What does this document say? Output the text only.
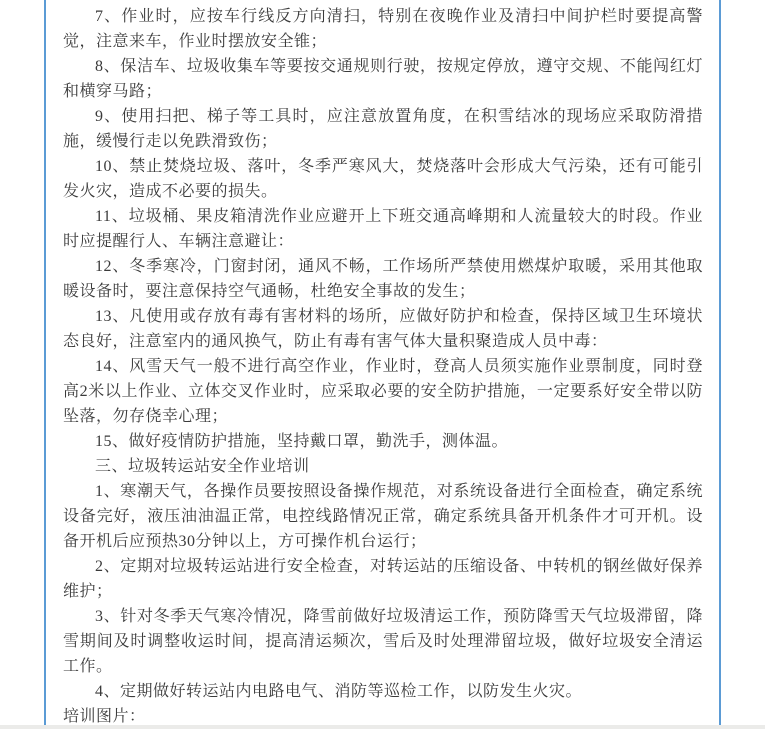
7、作业时，应按车行线反方向清扫，特别在夜晚作业及清扫中间护栏时要提高警觉，注意来车，作业时摆放安全锥；

8、保洁车、垃圾收集车等要按交通规则行驶，按规定停放，遵守交规、不能闯红灯和横穿马路；

9、使用扫把、梯子等工具时，应注意放置角度，在积雪结冰的现场应采取防滑措施，缓慢行走以免跌滑致伤；

10、禁止焚烧垃圾、落叶，冬季严寒风大，焚烧落叶会形成大气污染，还有可能引发火灾，造成不必要的损失。

11、垃圾桶、果皮箱清洗作业应避开上下班交通高峰期和人流量较大的时段。作业时应提醒行人、车辆注意避让：

12、冬季寒冷，门窗封闭，通风不畅，工作场所严禁使用燃煤炉取暖，采用其他取暖设备时，要注意保持空气通畅，杜绝安全事故的发生；

13、凡使用或存放有毒有害材料的场所，应做好防护和检查，保持区域卫生环境状态良好，注意室内的通风换气，防止有毒有害气体大量积聚造成人员中毒：

14、风雪天气一般不进行高空作业，作业时，登高人员须实施作业票制度，同时登高2米以上作业、立体交叉作业时，应采取必要的安全防护措施，一定要系好安全带以防坠落，勿存侥幸心理；

15、做好疫情防护措施，坚持戴口罩，勤洗手，测体温。

三、垃圾转运站安全作业培训

1、寒潮天气，各操作员要按照设备操作规范，对系统设备进行全面检查，确定系统设备完好，液压油油温正常，电控线路情况正常，确定系统具备开机条件才可开机。设备开机后应预热30分钟以上，方可操作机台运行；

2、定期对垃圾转运站进行安全检查，对转运站的压缩设备、中转机的钢丝做好保养维护；

3、针对冬季天气寒冷情况，降雪前做好垃圾清运工作，预防降雪天气垃圾滞留，降雪期间及时调整收运时间，提高清运频次，雪后及时处理滞留垃圾，做好垃圾安全清运工作。

4、定期做好转运站内电路电气、消防等巡检工作，以防发生火灾。

培训图片：
